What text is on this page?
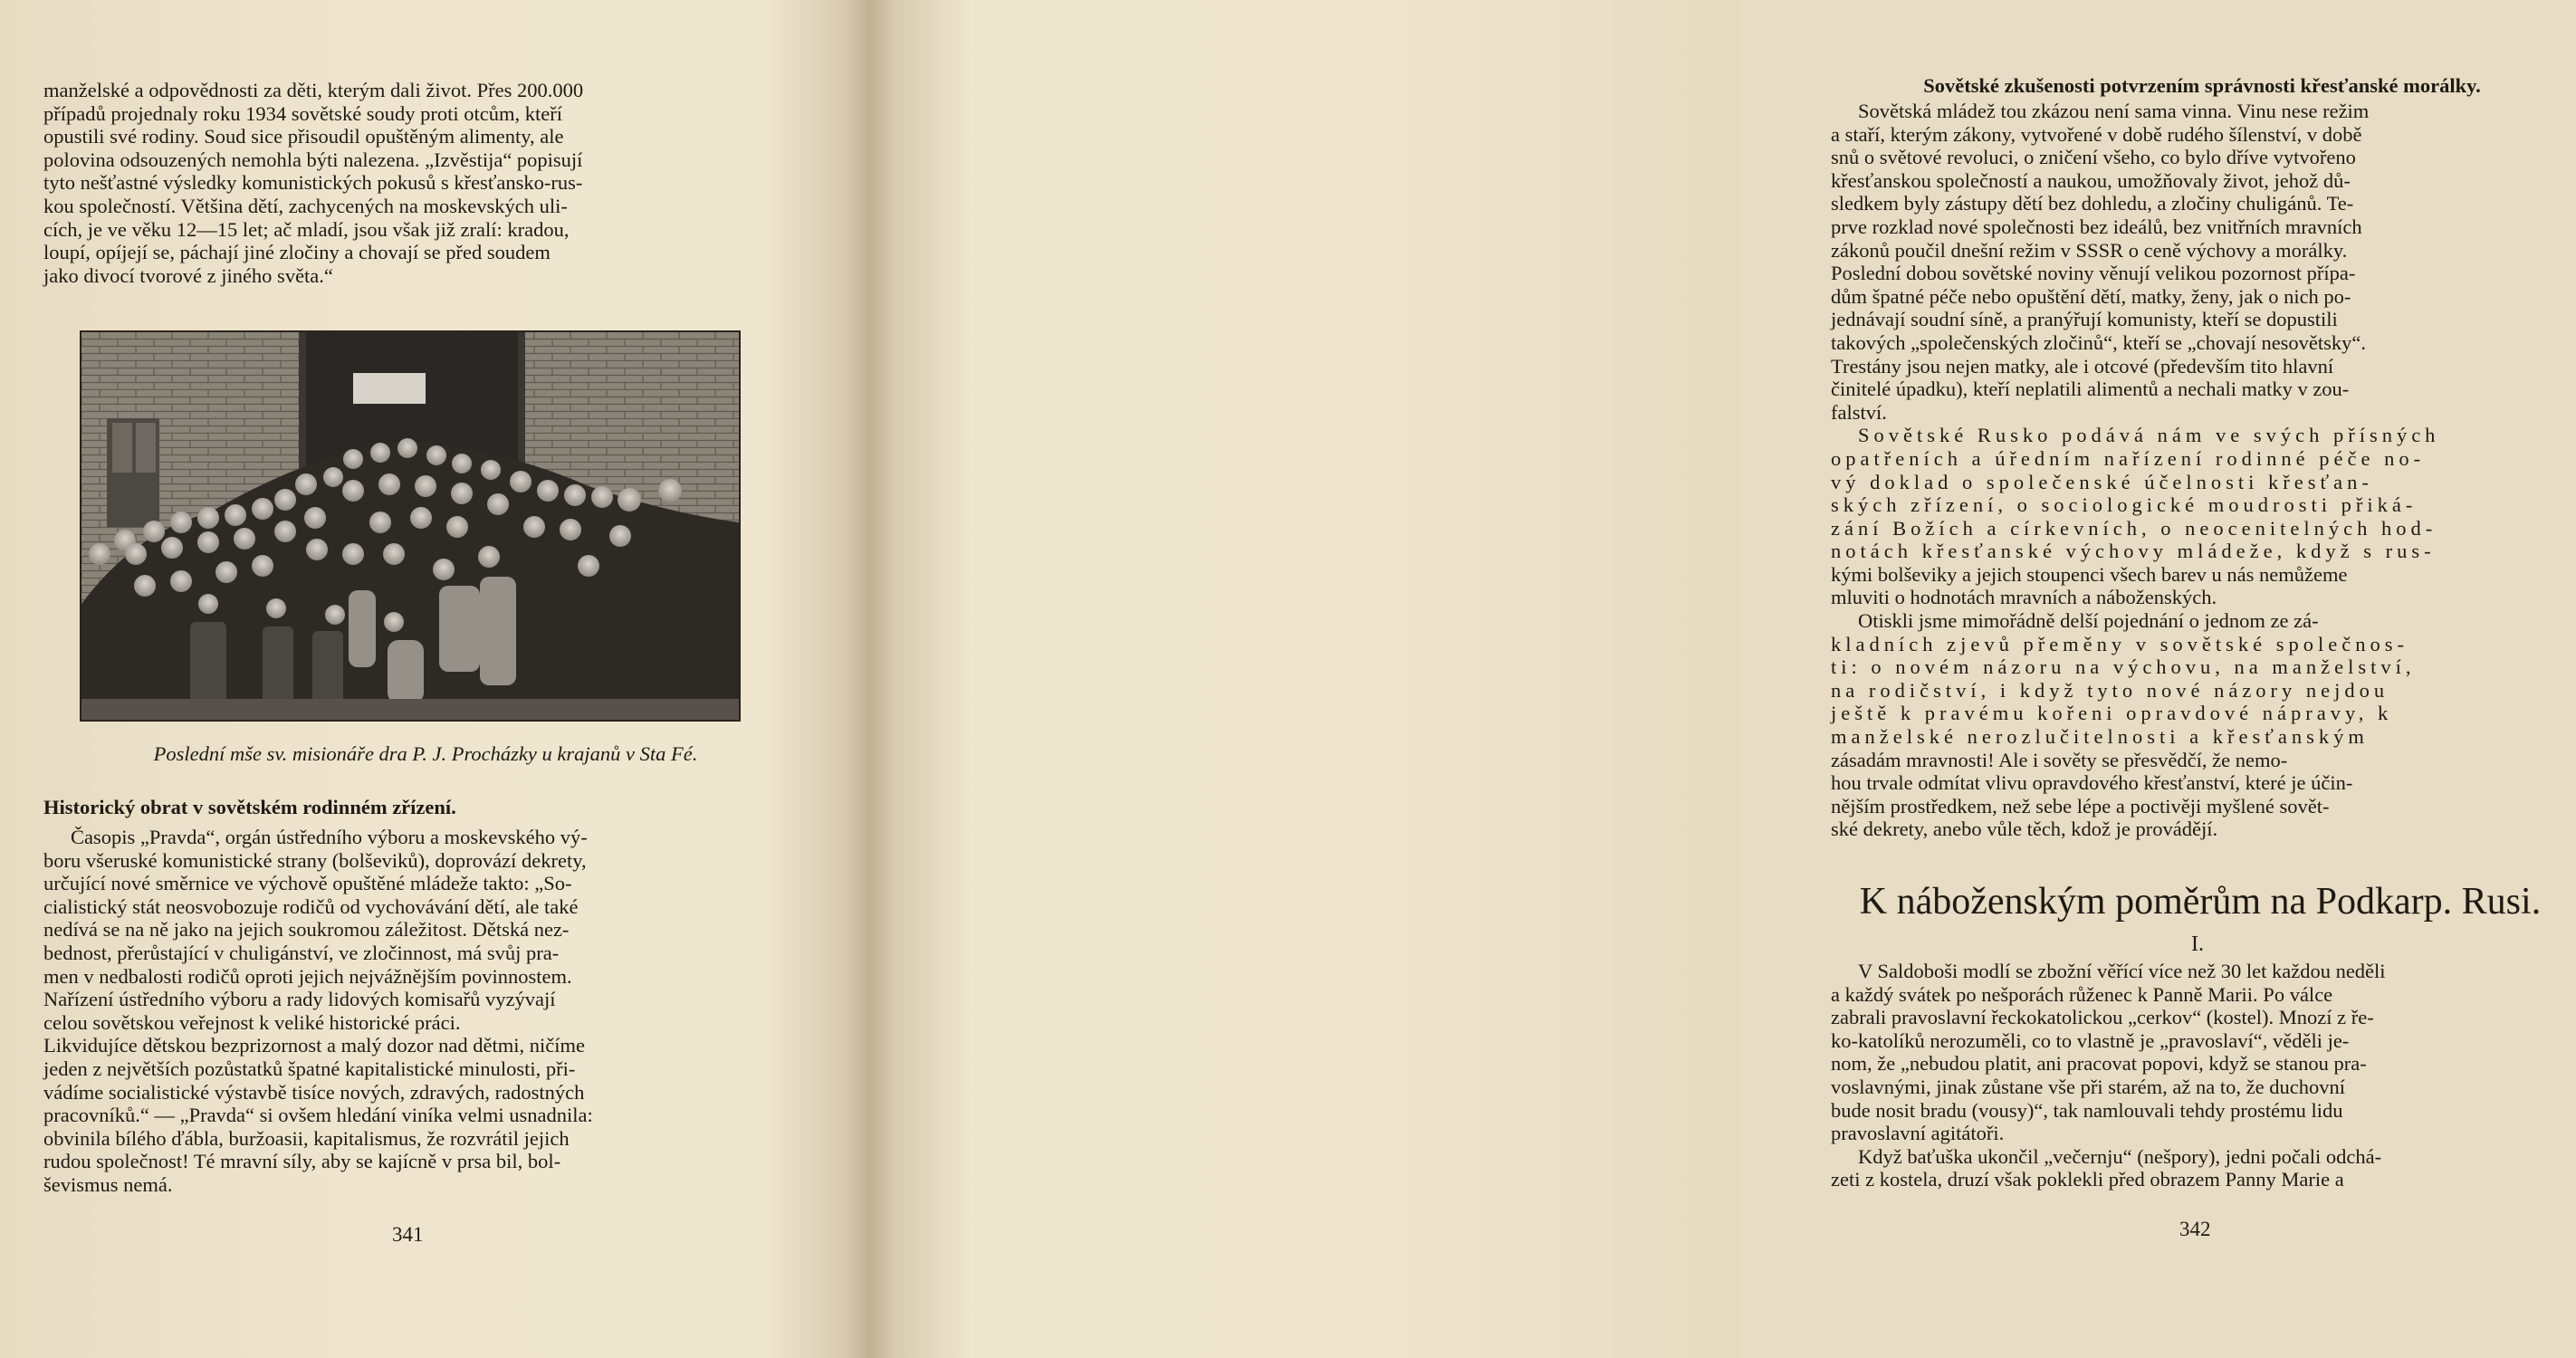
manželské a odpovědnosti za děti, kterým dali život. Přes 200.000

případů projednaly roku 1934 sovětské soudy proti otcům, kteří

opustili své rodiny. Soud sice přisoudil opuštěným alimenty, ale

polovina odsouzených nemohla býti nalezena. „Izvěstija“ popisují

tyto nešťastné výsledky komunistických pokusů s křesťansko-rus-

kou společností. Většina dětí, zachycených na moskevských uli-

cích, je ve věku 12—15 let; ač mladí, jsou však již zralí: kradou,

loupí, opíjejí se, páchají jiné zločiny a chovají se před soudem

jako divocí tvorové z jiného světa.“

Poslední mše sv. misionáře dra P. J. Procházky u krajanů v Sta Fé.
Historický obrat v sovětském rodinném zřízení.

Časopis „Pravda“, orgán ústředního výboru a moskevského vý-

boru všeruské komunistické strany (bolševiků), doprovází dekrety,

určující nové směrnice ve výchově opuštěné mládeže takto: „So-

cialistický stát neosvobozuje rodičů od vychovávání dětí, ale také

nedívá se na ně jako na jejich soukromou záležitost. Dětská nez-

bednost, přerůstající v chuligánství, ve zločinnost, má svůj pra-

men v nedbalosti rodičů oproti jejich nejvážnějším povinnostem.

Nařízení ústředního výboru a rady lidových komisařů vyzývají

celou sovětskou veřejnost k veliké historické práci.

Likvidujíce dětskou bezprizornost a malý dozor nad dětmi, ničíme

jeden z největších pozůstatků špatné kapitalistické minulosti, při-

vádíme socialistické výstavbě tisíce nových, zdravých, radostných

pracovníků.“ — „Pravda“ si ovšem hledání viníka velmi usnadnila:

obvinila bílého ďábla, buržoasii, kapitalismus, že rozvrátil jejich

rudou společnost! Té mravní síly, aby se kajícně v prsa bil, bol-

ševismus nemá.

341
Sovětské zkušenosti potvrzením správnosti křesťanské morálky.

Sovětská mládež tou zkázou není sama vinna. Vinu nese režim

a staří, kterým zákony, vytvořené v době rudého šílenství, v době

snů o světové revoluci, o zničení všeho, co bylo dříve vytvořeno

křesťanskou společností a naukou, umožňovaly život, jehož dů-

sledkem byly zástupy dětí bez dohledu, a zločiny chuligánů. Te-

prve rozklad nové společnosti bez ideálů, bez vnitřních mravních

zákonů poučil dnešní režim v SSSR o ceně výchovy a morálky.

Poslední dobou sovětské noviny věnují velikou pozornost přípa-

dům špatné péče nebo opuštění dětí, matky, ženy, jak o nich po-

jednávají soudní síně, a pranýřují komunisty, kteří se dopustili

takových „společenských zločinů“, kteří se „chovají nesovětsky“.

Trestány jsou nejen matky, ale i otcové (především tito hlavní

činitelé úpadku), kteří neplatili alimentů a nechali matky v zou-

falství.

Sovětské Rusko podává nám ve svých přísných

opatřeních a úředním nařízení rodinné péče no-

vý doklad o společenské účelnosti křesťan-

ských zřízení, o sociologické moudrosti přiká-

zání Božích a církevních, o neocenitelných hod-

notách křesťanské výchovy mládeže, když s rus-

kými bolševiky a jejich stoupenci všech barev u nás nemůžeme

mluviti o hodnotách mravních a náboženských.

Otiskli jsme mimořádně delší pojednání o jednom ze zá-

kladních zjevů přeměny v sovětské společnos-

ti: o novém názoru na výchovu, na manželství,

na rodičství, i když tyto nové názory nejdou

ještě k pravému kořeni opravdové nápravy, k

manželské nerozlučitelnosti a křesťanským

zásadám mravnosti! Ale i sověty se přesvědčí, že nemo-

hou trvale odmítat vlivu opravdového křesťanství, které je účin-

nějším prostředkem, než sebe lépe a poctivěji myšlené sovět-

ské dekrety, anebo vůle těch, kdož je provádějí.

K náboženským poměrům na Podkarp. Rusi.
I.

V Saldoboši modlí se zbožní věřící více než 30 let každou neděli

a každý svátek po nešporách růženec k Panně Marii. Po válce

zabrali pravoslavní řeckokatolickou „cerkov“ (kostel). Mnozí z ře-

ko-katolíků nerozuměli, co to vlastně je „pravoslaví“, věděli je-

nom, že „nebudou platit, ani pracovat popovi, když se stanou pra-

voslavnými, jinak zůstane vše při starém, až na to, že duchovní

bude nosit bradu (vousy)“, tak namlouvali tehdy prostému lidu

pravoslavní agitátoři.

Když baťuška ukončil „večernju“ (nešpory), jedni počali odchá-

zeti z kostela, druzí však poklekli před obrazem Panny Marie a

342
